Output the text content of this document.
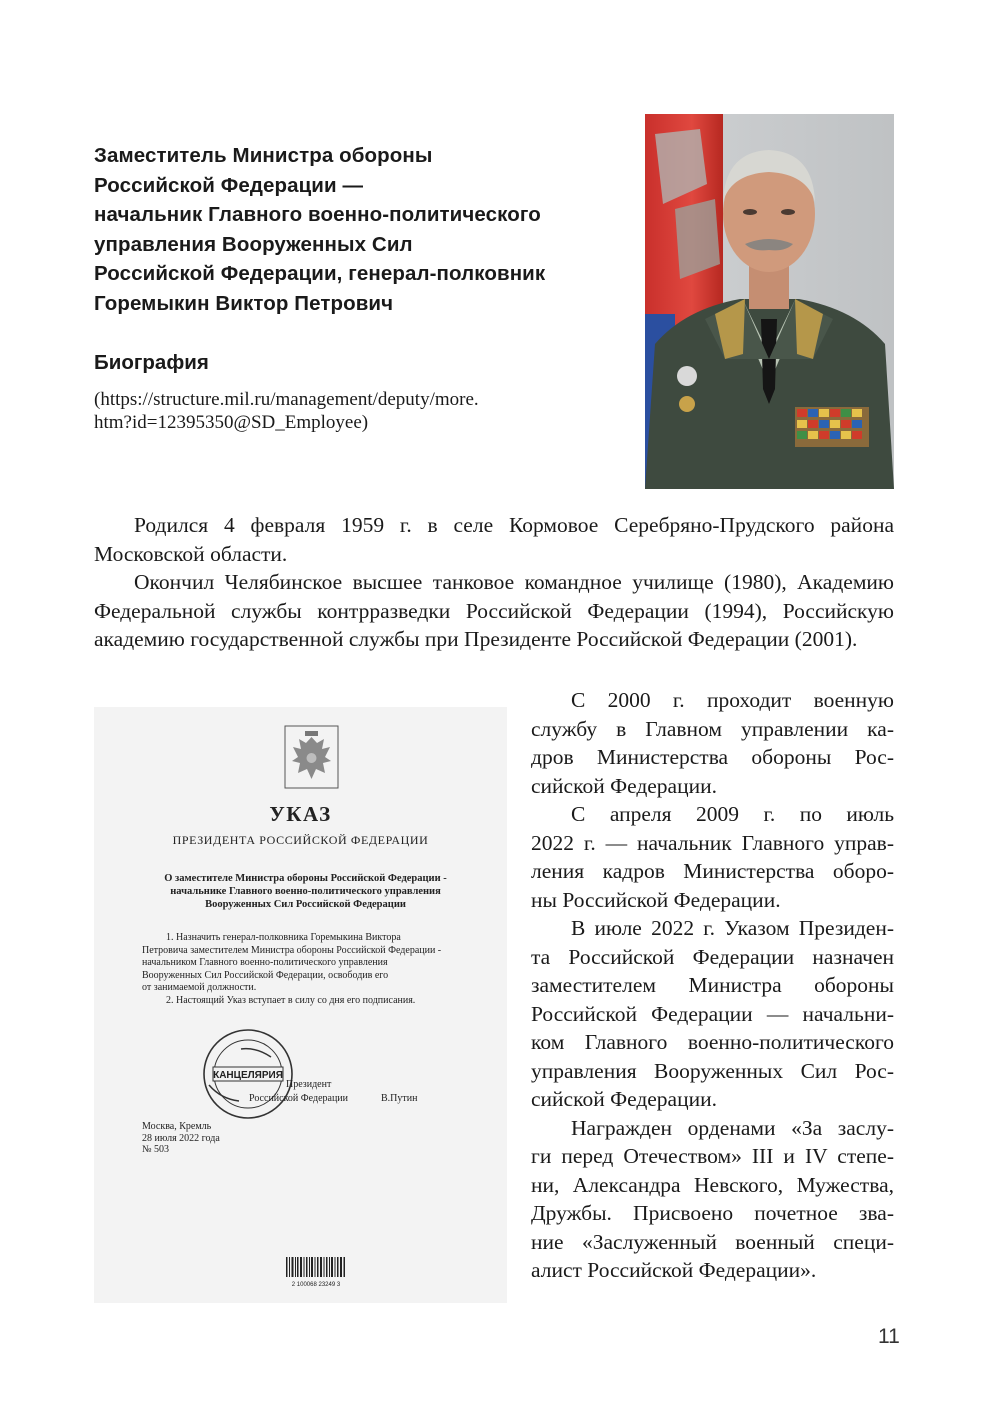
Заместитель Министра обороны
Российской Федерации —
начальник Главного военно-политического
управления Вооруженных Сил
Российской Федерации, генерал-полковник
Горемыкин Виктор Петрович
Биография
(https://structure.mil.ru/management/deputy/more.
htm?id=12395350@SD_Employee)

Родился 4 февраля 1959 г. в селе Кормовое Серебряно-Прудского района Московской области.

Окончил Челябинское высшее танковое командное училище (1980), Академию Федеральной службы контрразведки Российской Федерации (1994), Российскую академию государственной службы при Президенте Российской Федерации (2001).

С 2000 г. проходит военную
службу в Главном управлении ка-
дров Министерства обороны Рос-
сийской Федерации.

С апреля 2009 г. по июль
2022 г. — начальник Главного управ-
ления кадров Министерства оборо-
ны Российской Федерации.

В июле 2022 г. Указом Президен-
та Российской Федерации назначен
заместителем Министра обороны
Российской Федерации — начальни-
ком Главного военно-политического
управления Вооруженных Сил Рос-
сийской Федерации.

Награжден орденами «За заслу-
ги перед Отечеством» III и IV степе-
ни, Александра Невского, Мужества,
Дружбы. Присвоено почетное зва-
ние «Заслуженный военный специ-
алист Российской Федерации».

УКАЗ
ПРЕЗИДЕНТА РОССИЙСКОЙ ФЕДЕРАЦИИ
О заместителе Министра обороны Российской Федерации -
начальнике Главного военно-политического управления
Вооруженных Сил Российской Федерации
1. Назначить генерал-полковника Горемыкина Виктора
Петровича заместителем Министра обороны Российской Федерации -
начальником Главного военно-политического управления
Вооруженных Сил Российской Федерации, освободив его
от занимаемой должности.
2. Настоящий Указ вступает в силу со дня его подписания.
КАНЦЕЛЯРИЯ
Президент
Российской Федерации	В.Путин
Москва, Кремль
28 июля 2022 года
№ 503
2 100068 23249 3
11
